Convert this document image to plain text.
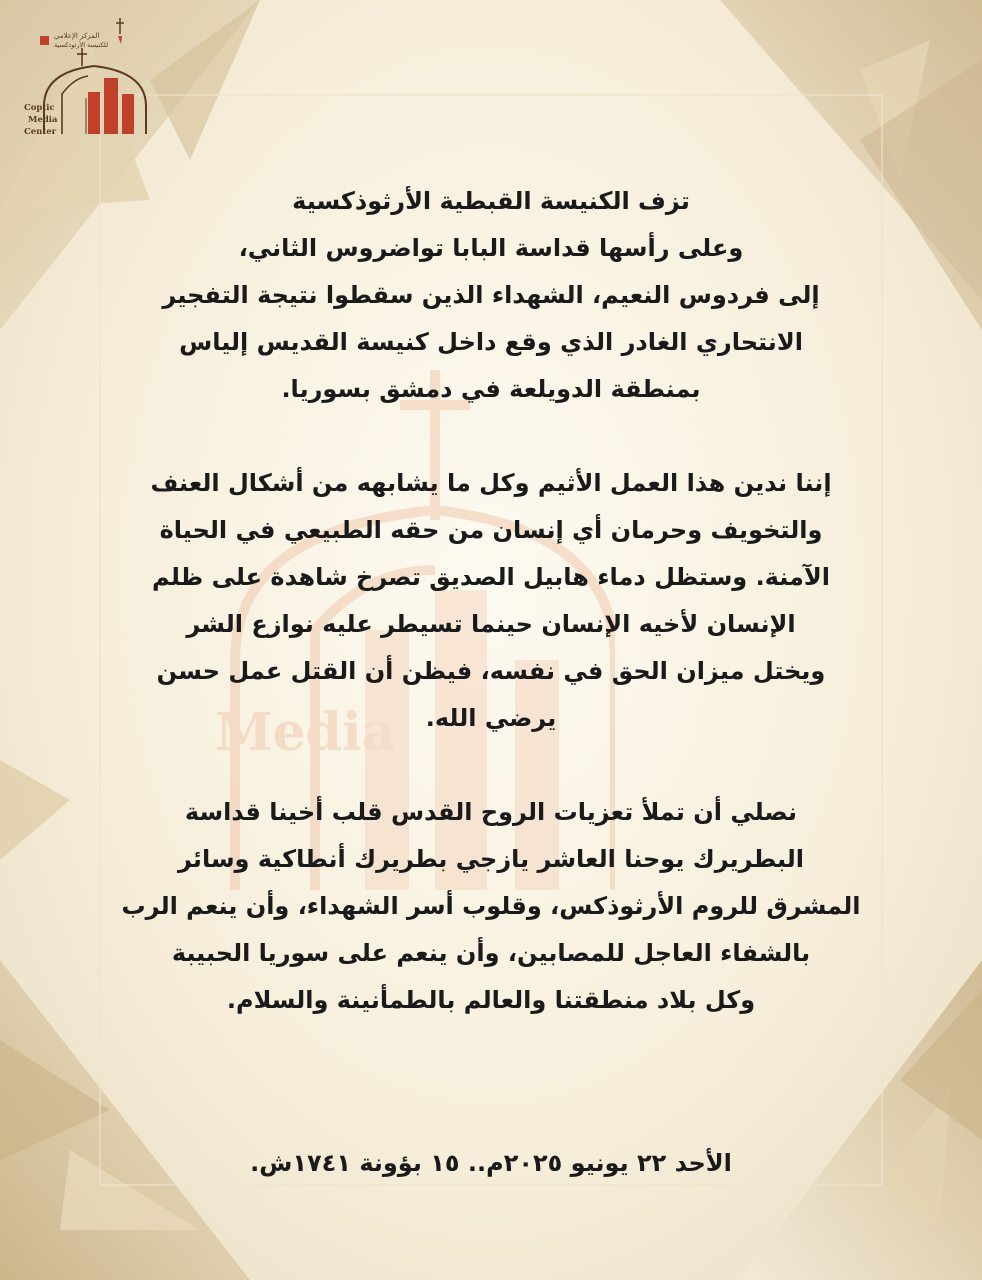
Media
المركز الإعلامي
للكنيسة الأرثوذكسية
Coptic
Media
Center

تزف الكنيسة القبطية الأرثوذكسية
وعلى رأسها قداسة البابا تواضروس الثاني،
إلى فردوس النعيم، الشهداء الذين سقطوا نتيجة التفجير
الانتحاري الغادر الذي وقع داخل كنيسة القديس إلياس
بمنطقة الدويلعة في دمشق بسوريا.

إننا ندين هذا العمل الأثيم وكل ما يشابهه من أشكال العنف
والتخويف وحرمان أي إنسان من حقه الطبيعي في الحياة
الآمنة. وستظل دماء هابيل الصديق تصرخ شاهدة على ظلم
الإنسان لأخيه الإنسان حينما تسيطر عليه نوازع الشر
ويختل ميزان الحق في نفسه، فيظن أن القتل عمل حسن
يرضي الله.

نصلي أن تملأ تعزيات الروح القدس قلب أخينا قداسة
البطريرك يوحنا العاشر يازجي بطريرك أنطاكية وسائر
المشرق للروم الأرثوذكس، وقلوب أسر الشهداء، وأن ينعم الرب
بالشفاء العاجل للمصابين، وأن ينعم على سوريا الحبيبة
وكل بلاد منطقتنا والعالم بالطمأنينة والسلام.

الأحد ٢٢ يونيو ٢٠٢٥م.. ١٥ بؤونة ١٧٤١ش.
